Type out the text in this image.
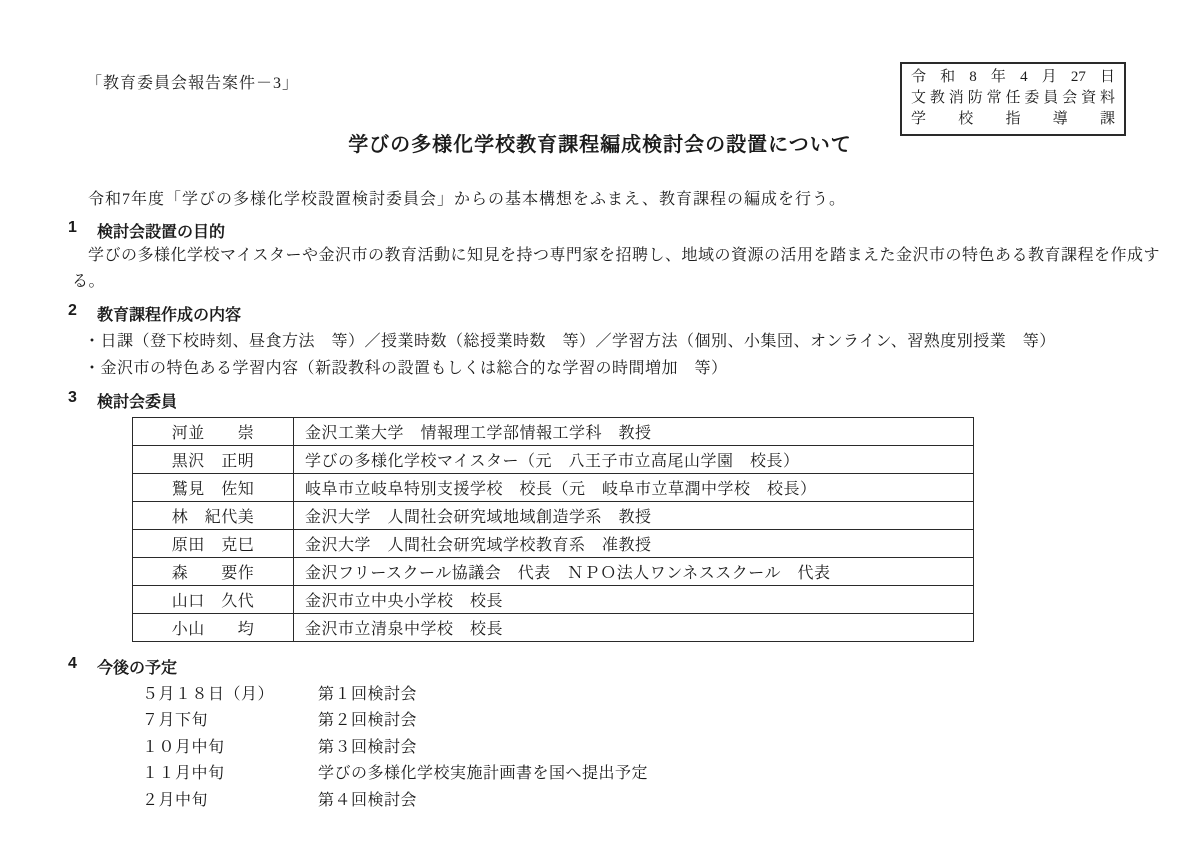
「教育委員会報告案件－3」	令和8年4月27日
文教消防常任委員会資料
学校指導課
学びの多様化学校教育課程編成検討会の設置について

令和7年度「学びの多様化学校設置検討委員会」からの基本構想をふまえ、教育課程の編成を行う。

1	検討会設置の目的

学びの多様化学校マイスターや金沢市の教育活動に知見を持つ専門家を招聘し、地域の資源の活用を踏まえた金沢市の特色ある教育課程を作成する。

2	教育課程作成の内容
・日課（登下校時刻、昼食方法　等）／授業時数（総授業時数　等）／学習方法（個別、小集団、オンライン、習熟度別授業　等）
・金沢市の特色ある学習内容（新設教科の設置もしくは総合的な学習の時間増加　等）
3	検討会委員
河並　　崇	金沢工業大学　情報理工学部情報工学科　教授
黒沢　正明	学びの多様化学校マイスター（元　八王子市立高尾山学園　校長）
鷲見　佐知	岐阜市立岐阜特別支援学校　校長（元　岐阜市立草潤中学校　校長）
林　紀代美	金沢大学　人間社会研究域地域創造学系　教授
原田　克巳	金沢大学　人間社会研究域学校教育系　准教授
森　　要作	金沢フリースクール協議会　代表　ＮＰＯ法人ワンネススクール　代表
山口　久代	金沢市立中央小学校　校長
小山　　均	金沢市立清泉中学校　校長
4	今後の予定
５月１８日（月）	第１回検討会
７月下旬	第２回検討会
１０月中旬	第３回検討会
１１月中旬	学びの多様化学校実施計画書を国へ提出予定
２月中旬	第４回検討会
